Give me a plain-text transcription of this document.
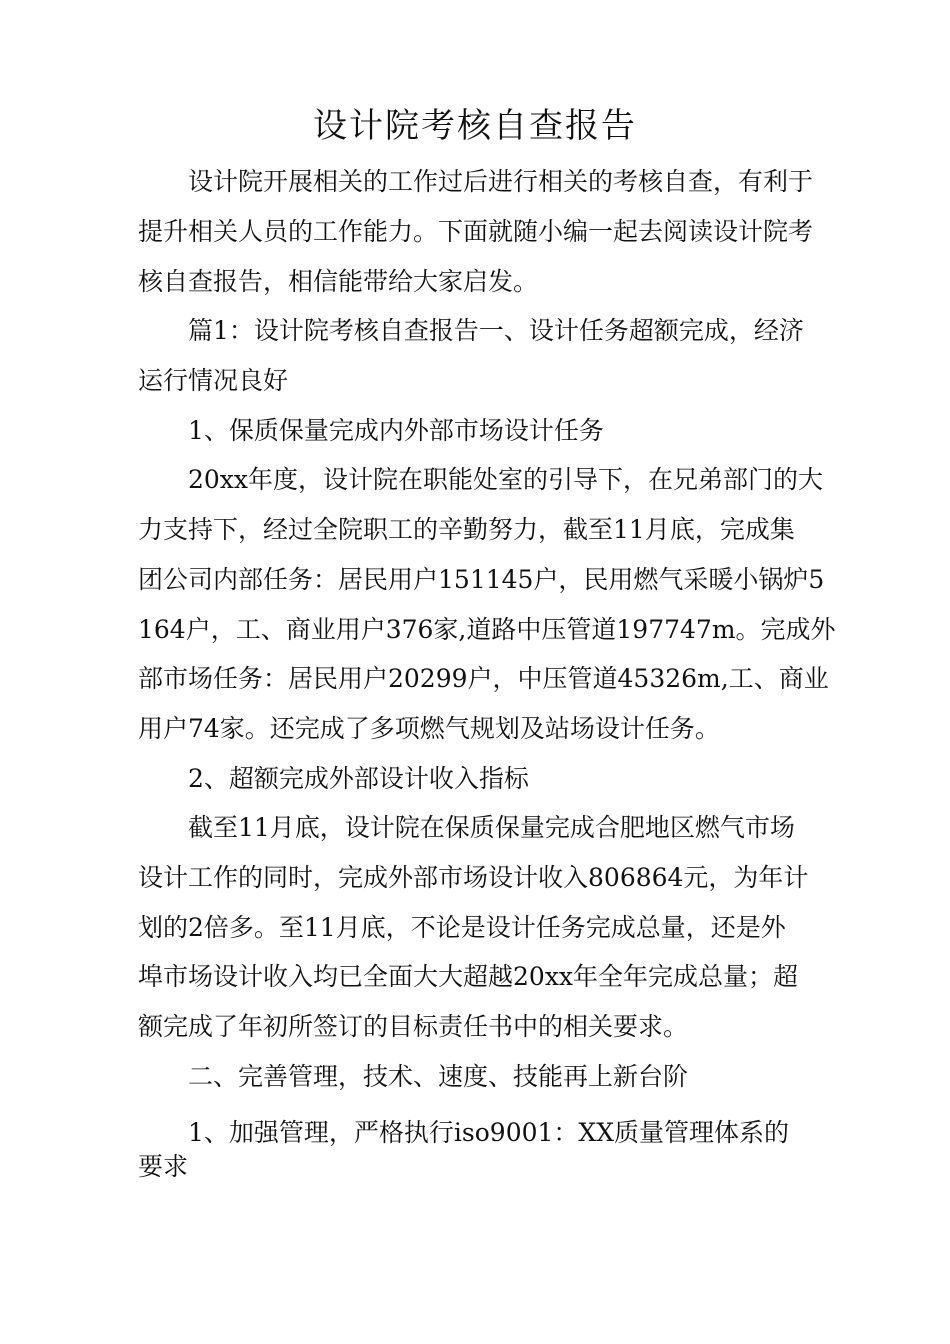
设计院考核自查报告
设计院开展相关的工作过后进行相关的考核自查，有利于
提升相关人员的工作能力。下面就随小编一起去阅读设计院考
核自查报告，相信能带给大家启发。
篇1：设计院考核自查报告一、设计任务超额完成，经济
运行情况良好
1、保质保量完成内外部市场设计任务
20xx年度，设计院在职能处室的引导下，在兄弟部门的大
力支持下，经过全院职工的辛勤努力，截至11月底，完成集
团公司内部任务：居民用户151145户，民用燃气采暖小锅炉5
164户，工、商业用户376家,道路中压管道197747m。完成外
部市场任务：居民用户20299户，中压管道45326m,工、商业
用户74家。还完成了多项燃气规划及站场设计任务。
2、超额完成外部设计收入指标
截至11月底，设计院在保质保量完成合肥地区燃气市场
设计工作的同时，完成外部市场设计收入806864元，为年计
划的2倍多。至11月底，不论是设计任务完成总量，还是外
埠市场设计收入均已全面大大超越20xx年全年完成总量；超
额完成了年初所签订的目标责任书中的相关要求。
二、完善管理，技术、速度、技能再上新台阶
1、加强管理，严格执行iso9001：XX质量管理体系的
要求
